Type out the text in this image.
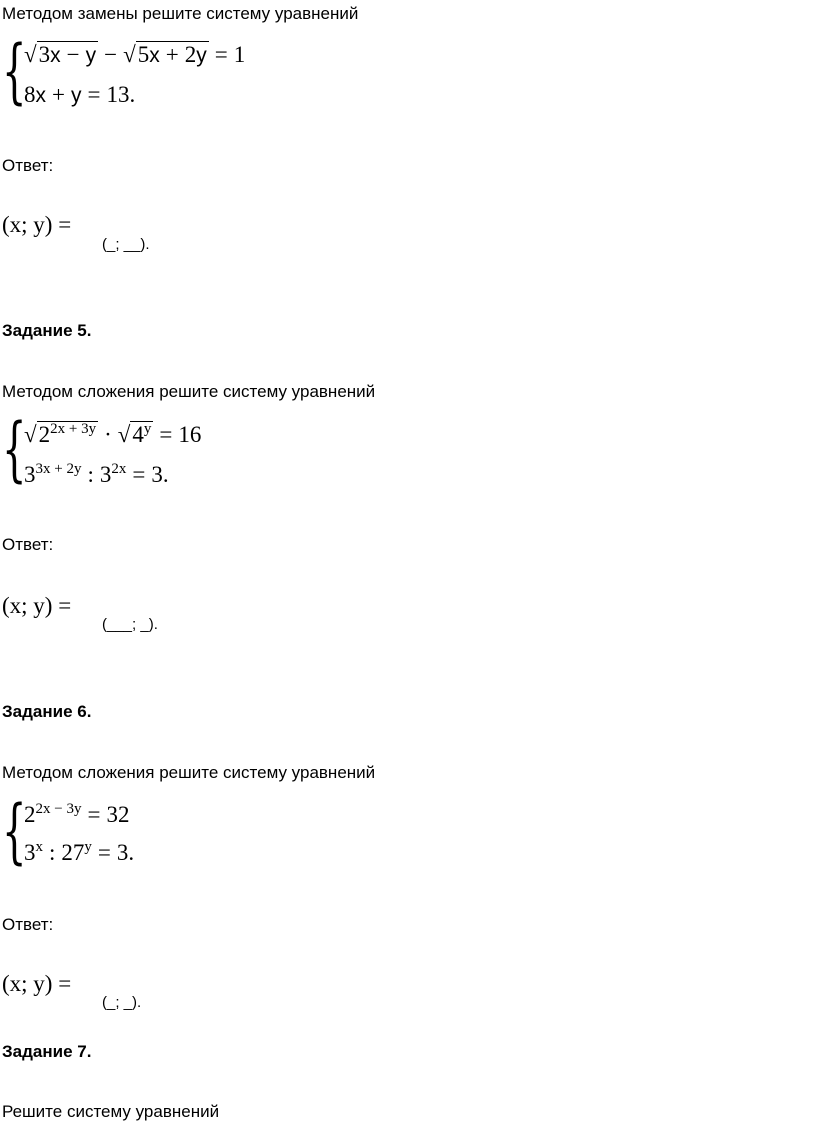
Методом замены решите систему уравнений
{
√3x − y − √5x + 2y = 1
8x + y = 13.
Ответ:
(x; y) =
(_; __).
Задание 5.
Методом сложения решите систему уравнений
{
$√2^{2x + 3y} \cdot √4^y = 16$
$3^{3x + 2y}$ : $3^{2x} = 3$.
Ответ:
(x; y) =
(___; _).
Задание 6.
Методом сложения решите систему уравнений
{
$2^{2x - 3y} = 32$
3$^x$ : $27^y = 3$.
Ответ:
(x; y) =
(_; _).
Задание 7.
Решите систему уравнений
